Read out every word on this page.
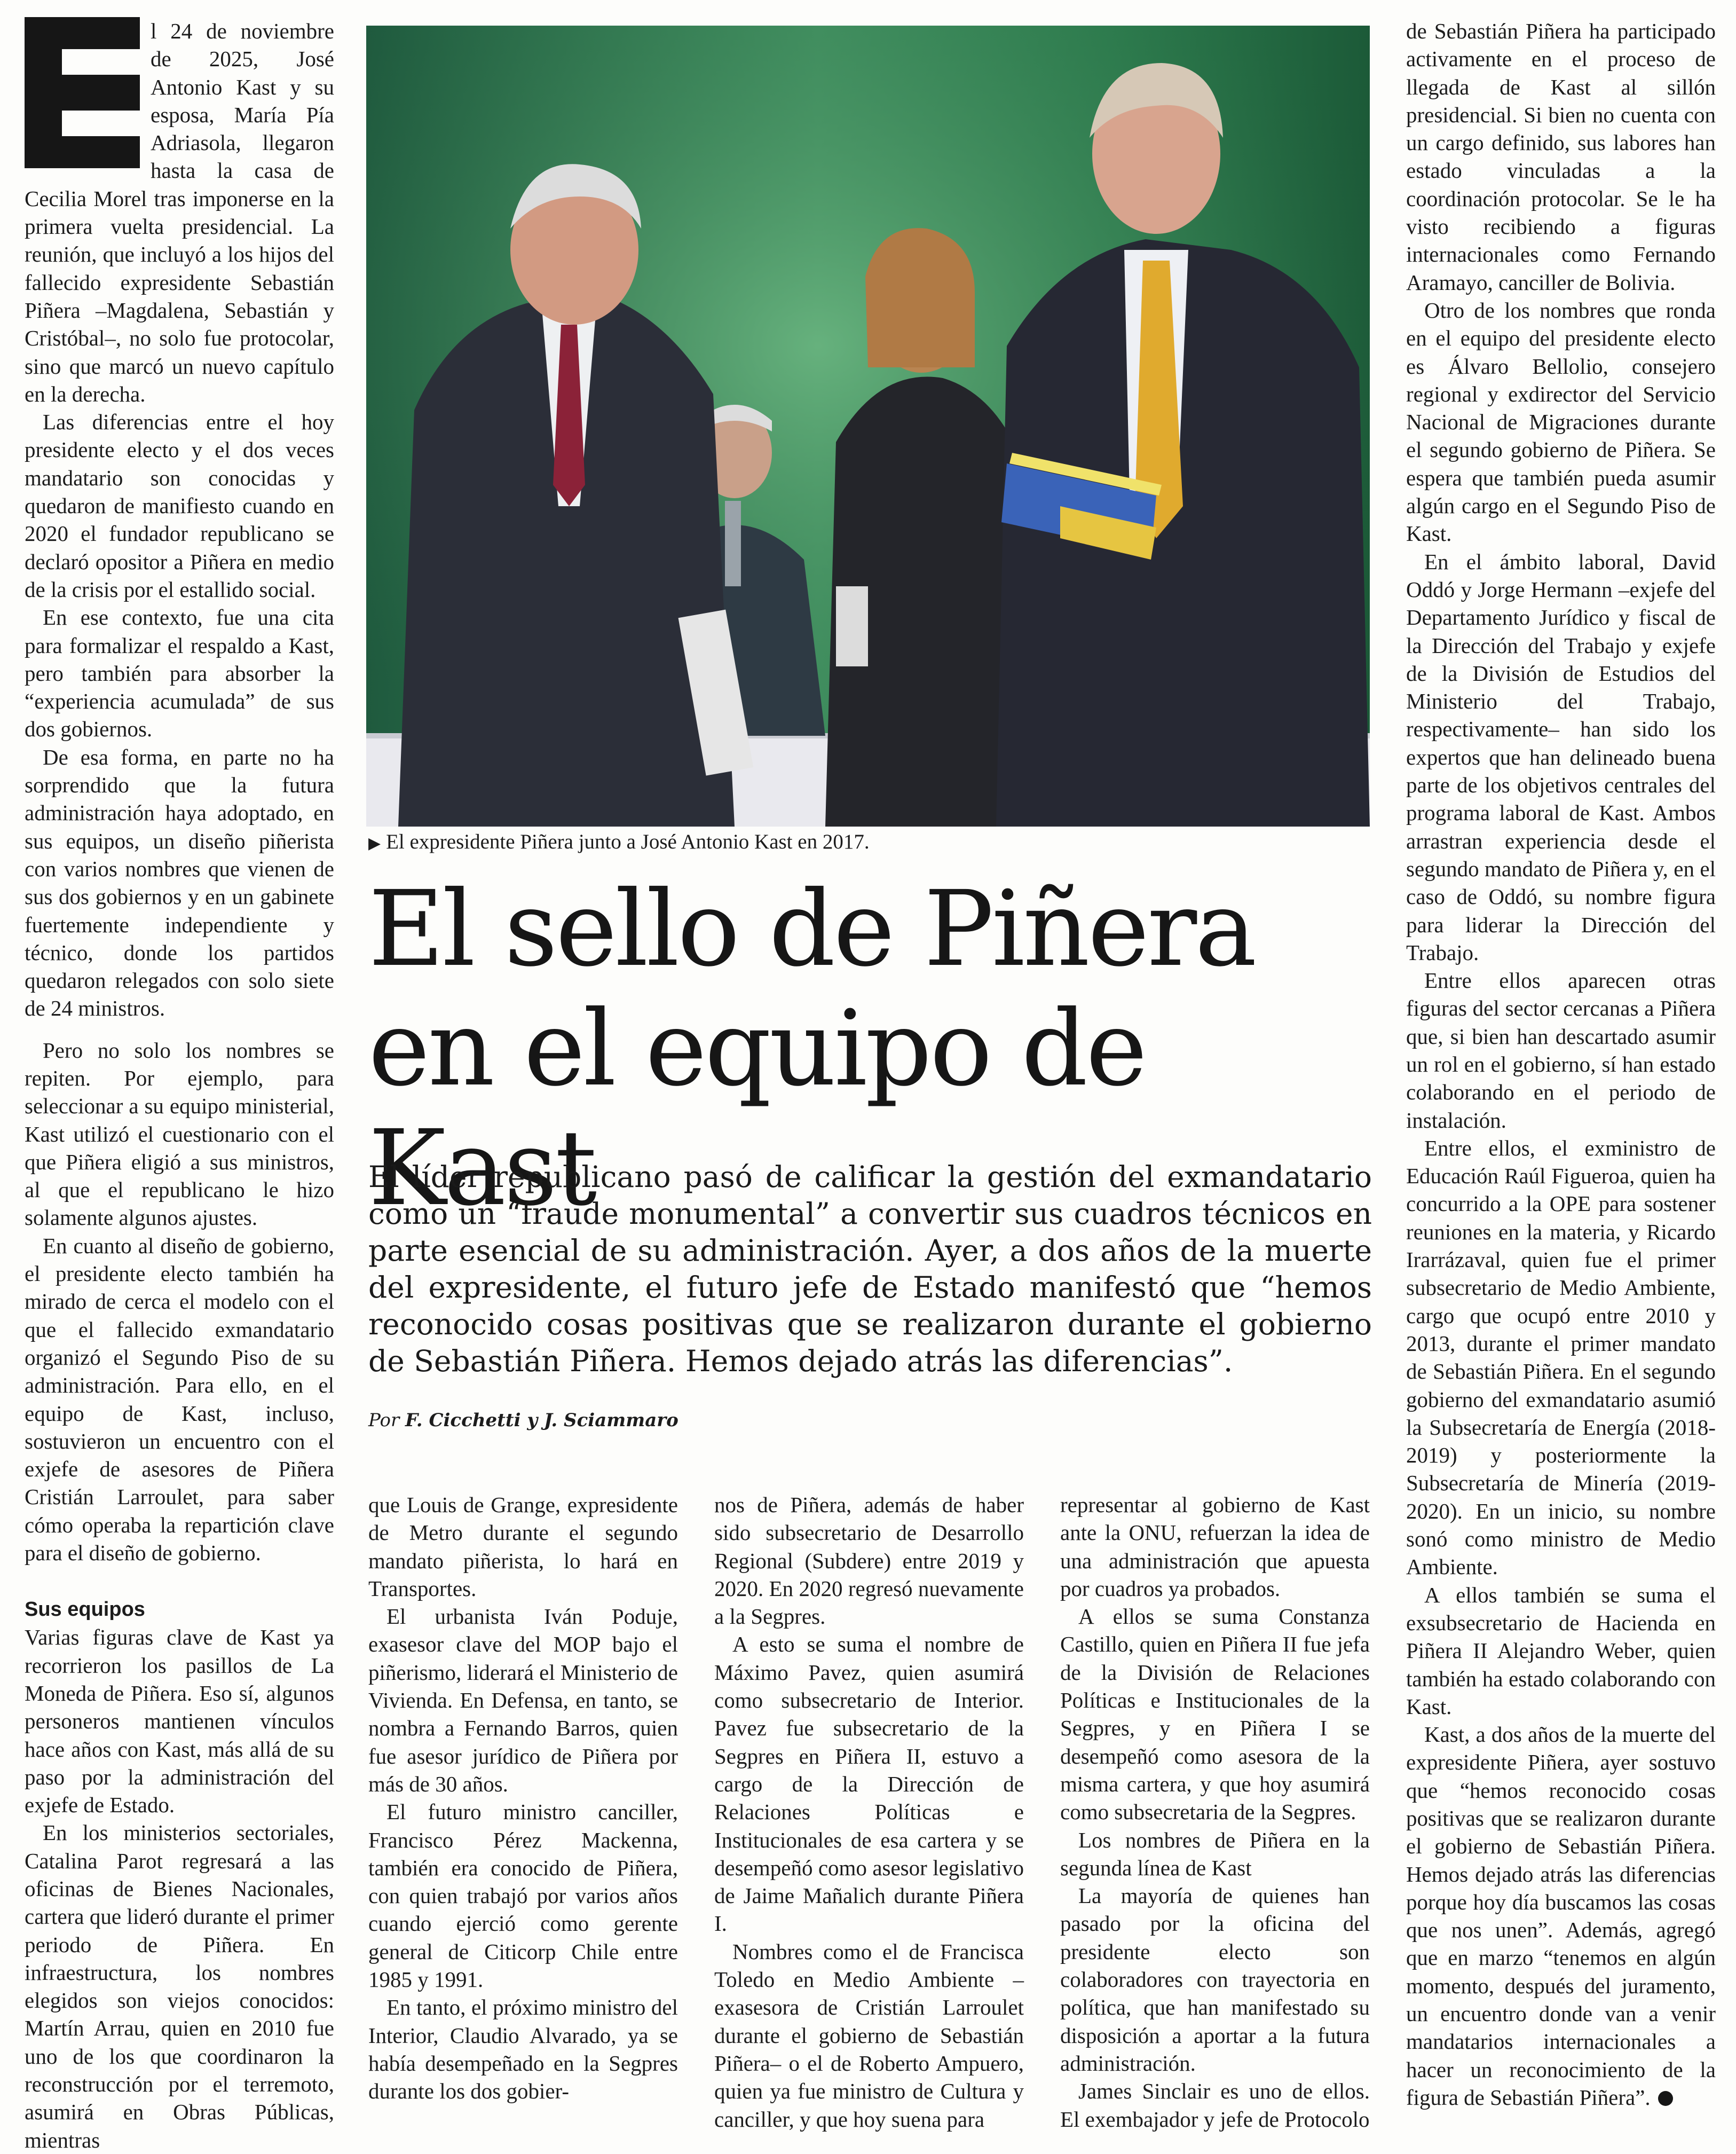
▶ El expresidente Piñera junto a José Antonio Kast en 2017.
El sello de Piñera en el equipo de Kast

El líder republicano pasó de calificar la gestión del exmandatario como un “fraude monumental” a convertir sus cuadros técnicos en parte esencial de su administración. Ayer, a dos años de la muerte del expresidente, el futuro jefe de Estado manifestó que “hemos reconocido cosas positivas que se realizaron durante el gobierno de Sebastián Piñera. Hemos dejado atrás las diferencias”.

Por F. Cicchetti y J. Sciammaro

l 24 de noviembre de 2025, José Antonio Kast y su esposa, María Pía Adriasola, llegaron hasta la casa de Cecilia Morel tras imponerse en la primera vuelta presidencial. La reunión, que incluyó a los hijos del fallecido expresidente Sebastián Piñera –Magdalena, Sebastián y Cristóbal–, no solo fue protocolar, sino que marcó un nuevo capítulo en la derecha.

Las diferencias entre el hoy presidente electo y el dos veces mandatario son conocidas y quedaron de manifiesto cuando en 2020 el fundador republicano se declaró opositor a Piñera en medio de la crisis por el estallido social.

En ese contexto, fue una cita para formalizar el respaldo a Kast, pero también para absorber la “experiencia acumulada” de sus dos gobiernos.

De esa forma, en parte no ha sorprendido que la futura administración haya adoptado, en sus equipos, un diseño piñerista con varios nombres que vienen de sus dos gobiernos y en un gabinete fuertemente independiente y técnico, donde los partidos quedaron relegados con solo siete de 24 ministros.

Pero no solo los nombres se repiten. Por ejemplo, para seleccionar a su equipo ministerial, Kast utilizó el cuestionario con el que Piñera eligió a sus ministros, al que el republicano le hizo solamente algunos ajustes.

En cuanto al diseño de gobierno, el presidente electo también ha mirado de cerca el modelo con el que el fallecido exmandatario organizó el Segundo Piso de su administración. Para ello, en el equipo de Kast, incluso, sostuvieron un encuentro con el exjefe de asesores de Piñera Cristián Larroulet, para saber cómo operaba la repartición clave para el diseño de gobierno.

Sus equipos

Varias figuras clave de Kast ya recorrieron los pasillos de La Moneda de Piñera. Eso sí, algunos personeros mantienen vínculos hace años con Kast, más allá de su paso por la administración del exjefe de Estado.

En los ministerios sectoriales, Catalina Parot regresará a las oficinas de Bienes Nacionales, cartera que lideró durante el primer periodo de Piñera. En infraestructura, los nombres elegidos son viejos conocidos: Martín Arrau, quien en 2010 fue uno de los que coordinaron la reconstrucción por el terremoto, asumirá en Obras Públicas, mientras

que Louis de Grange, expresidente de Metro durante el segundo mandato piñerista, lo hará en Transportes.

El urbanista Iván Poduje, exasesor clave del MOP bajo el piñerismo, liderará el Ministerio de Vivienda. En Defensa, en tanto, se nombra a Fernando Barros, quien fue asesor jurídico de Piñera por más de 30 años.

El futuro ministro canciller, Francisco Pérez Mackenna, también era conocido de Piñera, con quien trabajó por varios años cuando ejerció como gerente general de Citicorp Chile entre 1985 y 1991.

En tanto, el próximo ministro del Interior, Claudio Alvarado, ya se había desempeñado en la Segpres durante los dos gobier-

nos de Piñera, además de haber sido subsecretario de Desarrollo Regional (Subdere) entre 2019 y 2020. En 2020 regresó nuevamente a la Segpres.

A esto se suma el nombre de Máximo Pavez, quien asumirá como subsecretario de Interior. Pavez fue subsecretario de la Segpres en Piñera II, estuvo a cargo de la Dirección de Relaciones Políticas e Institucionales de esa cartera y se desempeñó como asesor legislativo de Jaime Mañalich durante Piñera I.

Nombres como el de Francisca Toledo en Medio Ambiente –exasesora de Cristián Larroulet durante el gobierno de Sebastián Piñera– o el de Roberto Ampuero, quien ya fue ministro de Cultura y canciller, y que hoy suena para

representar al gobierno de Kast ante la ONU, refuerzan la idea de una administración que apuesta por cuadros ya probados.

A ellos se suma Constanza Castillo, quien en Piñera II fue jefa de la División de Relaciones Políticas e Institucionales de la Segpres, y en Piñera I se desempeñó como asesora de la misma cartera, y que hoy asumirá como subsecretaria de la Segpres.

Los nombres de Piñera en la segunda línea de Kast

La mayoría de quienes han pasado por la oficina del presidente electo son colaboradores con trayectoria en política, que han manifestado su disposición a aportar a la futura administración.

James Sinclair es uno de ellos. El exembajador y jefe de Protocolo

de Sebastián Piñera ha participado activamente en el proceso de llegada de Kast al sillón presidencial. Si bien no cuenta con un cargo definido, sus labores han estado vinculadas a la coordinación protocolar. Se le ha visto recibiendo a figuras internacionales como Fernando Aramayo, canciller de Bolivia.

Otro de los nombres que ronda en el equipo del presidente electo es Álvaro Bellolio, consejero regional y exdirector del Servicio Nacional de Migraciones durante el segundo gobierno de Piñera. Se espera que también pueda asumir algún cargo en el Segundo Piso de Kast.

En el ámbito laboral, David Oddó y Jorge Hermann –exjefe del Departamento Jurídico y fiscal de la Dirección del Trabajo y exjefe de la División de Estudios del Ministerio del Trabajo, respectivamente– han sido los expertos que han delineado buena parte de los objetivos centrales del programa laboral de Kast. Ambos arrastran experiencia desde el segundo mandato de Piñera y, en el caso de Oddó, su nombre figura para liderar la Dirección del Trabajo.

Entre ellos aparecen otras figuras del sector cercanas a Piñera que, si bien han descartado asumir un rol en el gobierno, sí han estado colaborando en el periodo de instalación.

Entre ellos, el exministro de Educación Raúl Figueroa, quien ha concurrido a la OPE para sostener reuniones en la materia, y Ricardo Irarrázaval, quien fue el primer subsecretario de Medio Ambiente, cargo que ocupó entre 2010 y 2013, durante el primer mandato de Sebastián Piñera. En el segundo gobierno del exmandatario asumió la Subsecretaría de Energía (2018-2019) y posteriormente la Subsecretaría de Minería (2019-2020). En un inicio, su nombre sonó como ministro de Medio Ambiente.

A ellos también se suma el exsubsecretario de Hacienda en Piñera II Alejandro Weber, quien también ha estado colaborando con Kast.

Kast, a dos años de la muerte del expresidente Piñera, ayer sostuvo que “hemos reconocido cosas positivas que se realizaron durante el gobierno de Sebastián Piñera. Hemos dejado atrás las diferencias porque hoy día buscamos las cosas que nos unen”. Además, agregó que en marzo “tenemos en algún momento, después del juramento, un encuentro donde van a venir mandatarios internacionales a hacer un reconocimiento de la figura de Sebastián Piñera”.
